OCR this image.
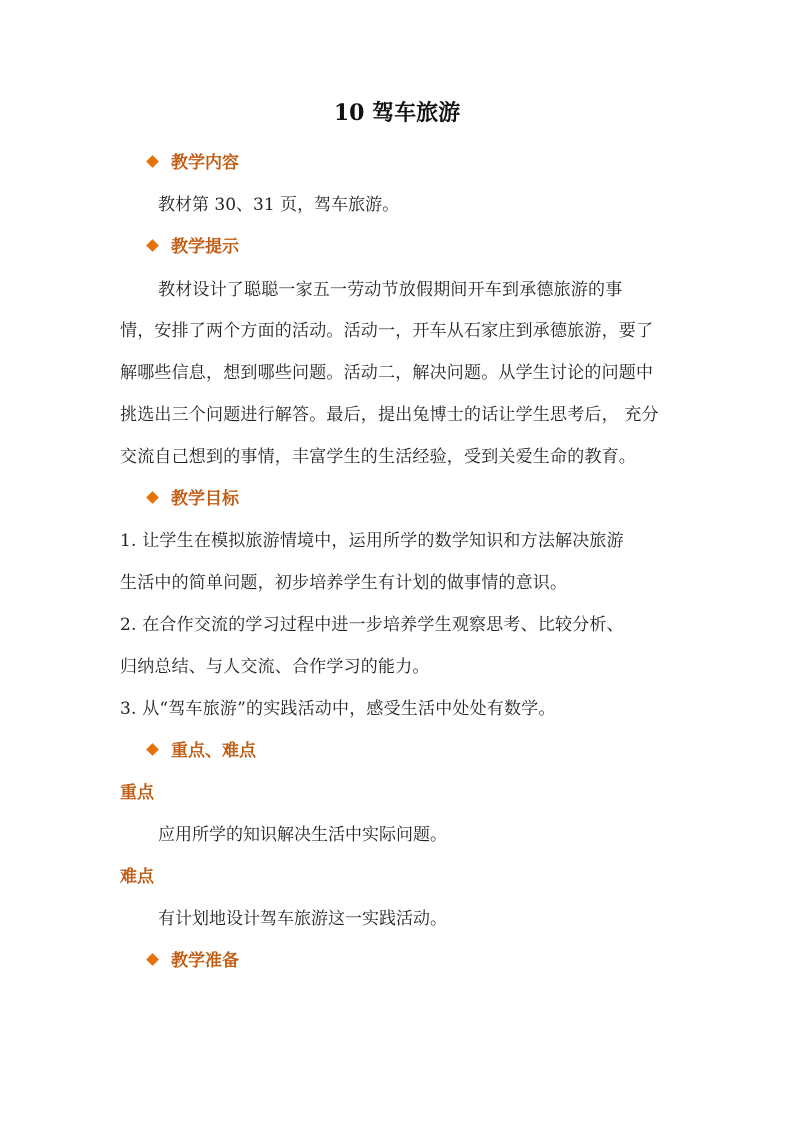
10 驾车旅游
教学内容
教材第 30、31 页，驾车旅游。
教学提示
教材设计了聪聪一家五一劳动节放假期间开车到承德旅游的事
情，安排了两个方面的活动。活动一，开车从石家庄到承德旅游，要了
解哪些信息，想到哪些问题。活动二，解决问题。从学生讨论的问题中
挑选出三个问题进行解答。最后，提出兔博士的话让学生思考后， 充分
交流自己想到的事情，丰富学生的生活经验，受到关爱生命的教育。
教学目标
1. 让学生在模拟旅游情境中，运用所学的数学知识和方法解决旅游
生活中的简单问题，初步培养学生有计划的做事情的意识。
2. 在合作交流的学习过程中进一步培养学生观察思考、比较分析、
归纳总结、与人交流、合作学习的能力。
3. 从“驾车旅游”的实践活动中，感受生活中处处有数学。
重点、难点
重点
应用所学的知识解决生活中实际问题。
难点
有计划地设计驾车旅游这一实践活动。
教学准备
